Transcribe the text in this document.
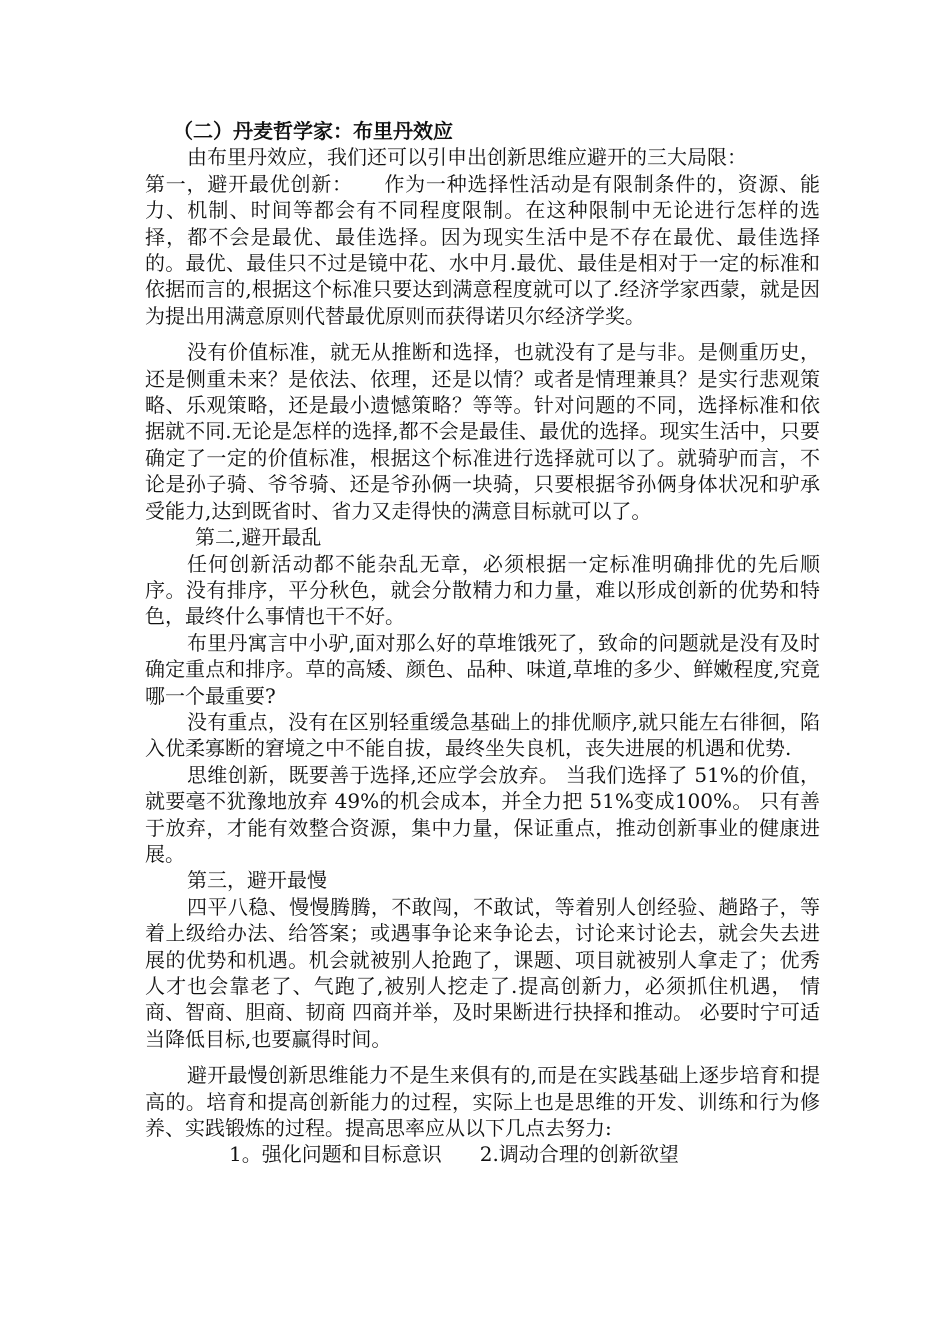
（二）丹麦哲学家：布里丹效应

由布里丹效应，我们还可以引申出创新思维应避开的三大局限：

第一，避开最优创新：　　作为一种选择性活动是有限制条件的，资源、能力、机制、时间等都会有不同程度限制。在这种限制中无论进行怎样的选择，都不会是最优、最佳选择。因为现实生活中是不存在最优、最佳选择的。最优、最佳只不过是镜中花、水中月.最优、最佳是相对于一定的标准和依据而言的,根据这个标准只要达到满意程度就可以了.经济学家西蒙，就是因为提出用满意原则代替最优原则而获得诺贝尔经济学奖。

没有价值标准，就无从推断和选择，也就没有了是与非。是侧重历史，还是侧重未来？是依法、依理，还是以情？或者是情理兼具？是实行悲观策略、乐观策略，还是最小遗憾策略？等等。针对问题的不同，选择标准和依据就不同.无论是怎样的选择,都不会是最佳、最优的选择。现实生活中，只要确定了一定的价值标准，根据这个标准进行选择就可以了。就骑驴而言，不论是孙子骑、爷爷骑、还是爷孙俩一块骑，只要根据爷孙俩身体状况和驴承受能力,达到既省时、省力又走得快的满意目标就可以了。

第二,避开最乱

任何创新活动都不能杂乱无章，必须根据一定标准明确排优的先后顺序。没有排序，平分秋色，就会分散精力和力量，难以形成创新的优势和特色，最终什么事情也干不好。

布里丹寓言中小驴,面对那么好的草堆饿死了，致命的问题就是没有及时确定重点和排序。草的高矮、颜色、品种、味道,草堆的多少、鲜嫩程度,究竟哪一个最重要?

没有重点，没有在区别轻重缓急基础上的排优顺序,就只能左右徘徊，陷入优柔寡断的窘境之中不能自拔，最终坐失良机，丧失进展的机遇和优势.

思维创新，既要善于选择,还应学会放弃。 当我们选择了 51%的价值，就要毫不犹豫地放弃 49%的机会成本，并全力把 51%变成100%。 只有善于放弃，才能有效整合资源，集中力量，保证重点，推动创新事业的健康进展。

第三，避开最慢

四平八稳、慢慢腾腾，不敢闯，不敢试，等着别人创经验、趟路子，等着上级给办法、给答案；或遇事争论来争论去，讨论来讨论去，就会失去进展的优势和机遇。机会就被别人抢跑了，课题、项目就被别人拿走了；优秀人才也会靠老了、气跑了,被别人挖走了.提高创新力，必须抓住机遇， 情商、智商、胆商、韧商 四商并举，及时果断进行抉择和推动。 必要时宁可适当降低目标,也要赢得时间。

避开最慢创新思维能力不是生来俱有的,而是在实践基础上逐步培育和提高的。培育和提高创新能力的过程，实际上也是思维的开发、训练和行为修养、实践锻炼的过程。提高思率应从以下几点去努力:

1。强化问题和目标意识 2.调动合理的创新欲望
